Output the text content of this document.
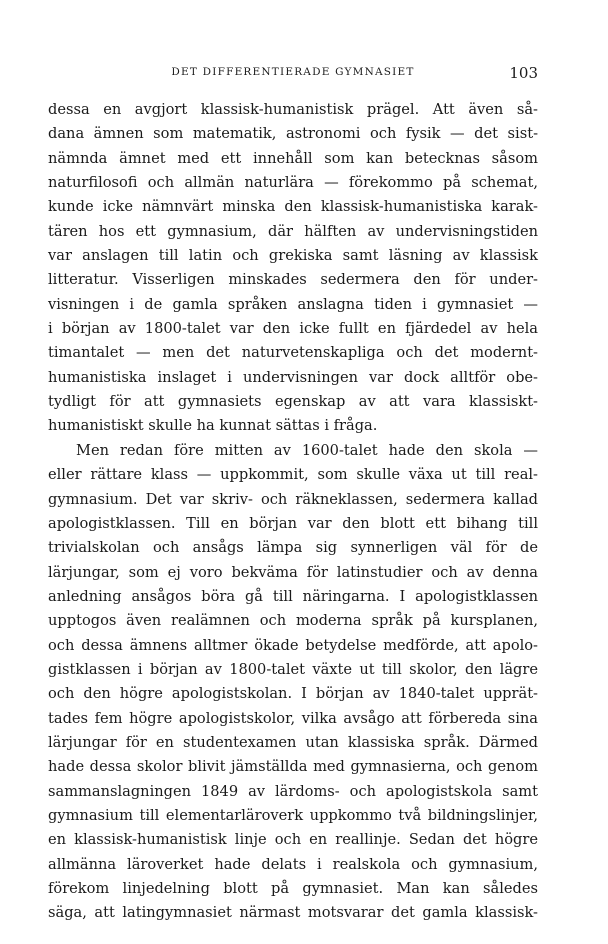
DET DIFFERENTIERADE GYMNASIET	103
dessa en avgjort klassisk-humanistisk prägel. Att även så-
dana ämnen som matematik, astronomi och fysik — det sist-
nämnda ämnet med ett innehåll som kan betecknas såsom
naturfilosofi och allmän naturlära — förekommo på schemat,
kunde icke nämnvärt minska den klassisk-humanistiska karak-
tären hos ett gymnasium, där hälften av undervisningstiden
var anslagen till latin och grekiska samt läsning av klassisk
litteratur. Visserligen minskades sedermera den för under-
visningen i de gamla språken anslagna tiden i gymnasiet —
i början av 1800-talet var den icke fullt en fjärdedel av hela
timantalet — men det naturvetenskapliga och det modernt-
humanistiska inslaget i undervisningen var dock alltför obe-
tydligt för att gymnasiets egenskap av att vara klassiskt-
humanistiskt skulle ha kunnat sättas i fråga.
Men redan före mitten av 1600-talet hade den skola —
eller rättare klass — uppkommit, som skulle växa ut till real-
gymnasium. Det var skriv- och räkneklassen, sedermera kallad
apologistklassen. Till en början var den blott ett bihang till
trivialskolan och ansågs lämpa sig synnerligen väl för de
lärjungar, som ej voro bekväma för latinstudier och av denna
anledning ansågos böra gå till näringarna. I apologistklassen
upptogos även realämnen och moderna språk på kursplanen,
och dessa ämnens alltmer ökade betydelse medförde, att apolo-
gistklassen i början av 1800-talet växte ut till skolor, den lägre
och den högre apologistskolan. I början av 1840-talet upprät-
tades fem högre apologistskolor, vilka avsågo att förbereda sina
lärjungar för en studentexamen utan klassiska språk. Därmed
hade dessa skolor blivit jämställda med gymnasierna, och genom
sammanslagningen 1849 av lärdoms- och apologistskola samt
gymnasium till elementarläroverk uppkommo två bildningslinjer,
en klassisk-humanistisk linje och en reallinje. Sedan det högre
allmänna läroverket hade delats i realskola och gymnasium,
förekom linjedelning blott på gymnasiet. Man kan således
säga, att latingymnasiet närmast motsvarar det gamla klassisk-
